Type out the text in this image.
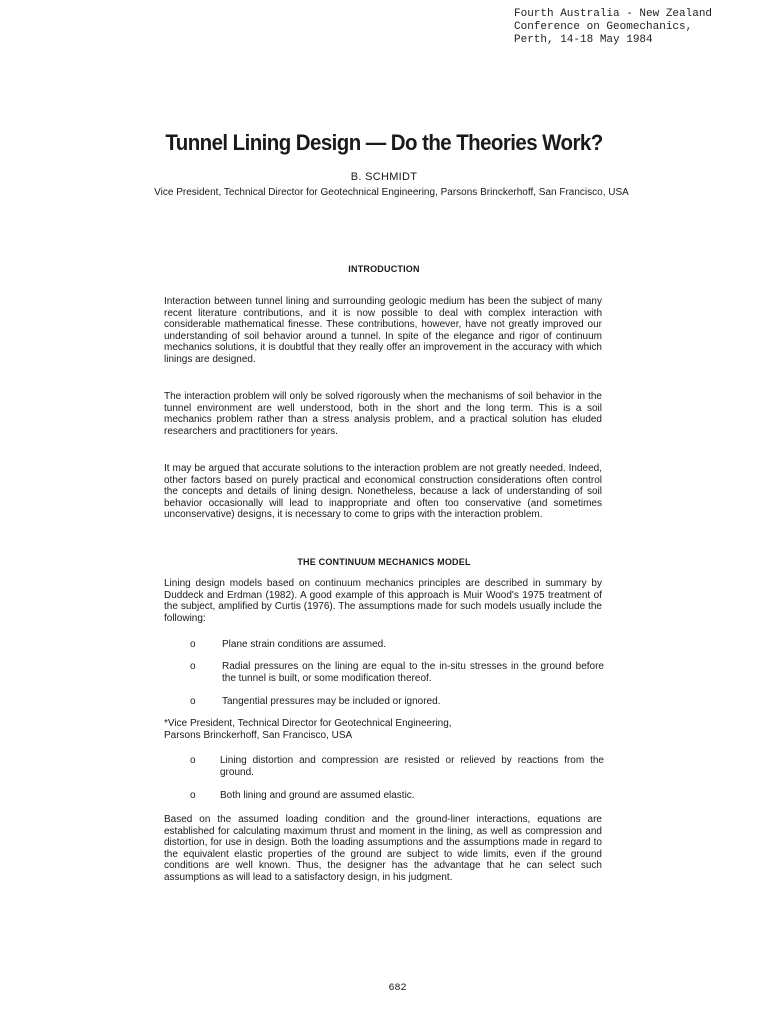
Fourth Australia - New Zealand
Conference on Geomechanics,
Perth, 14-18 May 1984
Tunnel Lining Design — Do the Theories Work?
B. SCHMIDT
Vice President, Technical Director for Geotechnical Engineering, Parsons Brinckerhoff, San Francisco, USA
INTRODUCTION
Interaction between tunnel lining and surrounding geologic medium has been the subject of many recent literature contributions, and it is now possible to deal with complex interaction with considerable mathematical finesse. These contributions, however, have not greatly improved our understanding of soil behavior around a tunnel. In spite of the elegance and rigor of continuum mechanics solutions, it is doubtful that they really offer an improvement in the accuracy with which linings are designed.
The interaction problem will only be solved rigorously when the mechanisms of soil behavior in the tunnel environment are well understood, both in the short and the long term. This is a soil mechanics problem rather than a stress analysis problem, and a practical solution has eluded researchers and practitioners for years.
It may be argued that accurate solutions to the interaction problem are not greatly needed. Indeed, other factors based on purely practical and economical construction considerations often control the concepts and details of lining design. Nonetheless, because a lack of understanding of soil behavior occasionally will lead to inappropriate and often too conservative (and sometimes unconservative) designs, it is necessary to come to grips with the interaction problem.
THE CONTINUUM MECHANICS MODEL
Lining design models based on continuum mechanics principles are described in summary by Duddeck and Erdman (1982). A good example of this approach is Muir Wood's 1975 treatment of the subject, amplified by Curtis (1976). The assumptions made for such models usually include the following:
o	Plane strain conditions are assumed.
o	Radial pressures on the lining are equal to the in-situ stresses in the ground before the tunnel is built, or some modification thereof.
o	Tangential pressures may be included or ignored.
*Vice President, Technical Director for Geotechnical Engineering,
Parsons Brinckerhoff, San Francisco, USA
o Lining distortion and compression are resisted or relieved by reactions from the ground.
o Both lining and ground are assumed elastic.
Based on the assumed loading condition and the ground-liner interactions, equations are established for calculating maximum thrust and moment in the lining, as well as compression and distortion, for use in design. Both the loading assumptions and the assumptions made in regard to the equivalent elastic properties of the ground are subject to wide limits, even if the ground conditions are well known. Thus, the designer has the advantage that he can select such assumptions as will lead to a satisfactory design, in his judgment.
682
